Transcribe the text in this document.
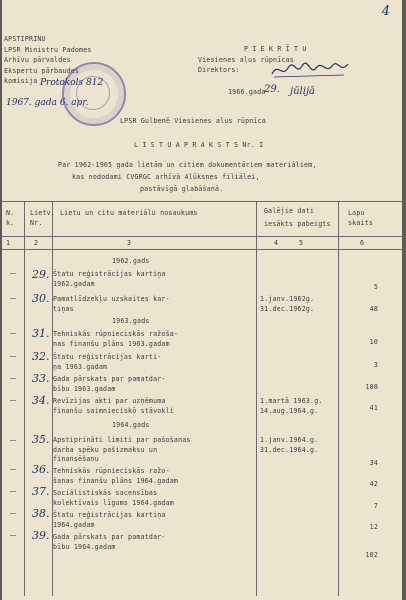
4
APSTIPRINU
LPSR Ministru Padomes
Arhīvu pārvaldes
Ekspertu pārbaudes
komisija Protokols 812
1967. gada 6. apr.
P I E K R Ī T U
Viesienes alus rūpnīcas
Direktors:
1966.gada
29. jūlijā
LPSR Gulbenē Viesienes alus rūpnīca
L I S T U A P R A K S T S Nr. I
Par 1962-1965 gada lietām un citiem dokumentāriem materiāliem,
kas nododami CVGRGC arhīvā Alūksnes filiālei,
pastāvīgā glabāšanā.
N. k.
Lietv. Nr.
Lietu un citu materiālu nosaukums	Galējie dati
iesākts pabeigts
Lapu skaits
1	2	3	4	5	6
1962.gads
29. Štatu reģistrācijas kartiņa
1962.gadam	5
30. Pamatlīdzekļu uzskaites kar-
tiņas
1.janv.1962g.
31.dec.1962g.	48
1963.gads
31. Tehniskās rūpnieciskās ražoša-
nas finanšu plāns 1963.gadam	10
32. Štatu reģistrācijas karti-
ņa 1963.gadam	3
33. Gada pārskats par pamatdar-
bību 1963.gadam	108
34. Revīzijas akti par uzņēmuma
finanšu saimnieciskō stāvokli
1.martā 1963.g.
14.aug.1964.g.	41
1964.gads
35. Apstiprināti limiti par pašošanas
darba spēku pašizmaksu un
finansēšanu
1.janv.1964.g.
31.dec.1964.g.
34
36. Tehniskās rūpnieciskās ražo-
šanas finanšu plāns 1964.gadam	42
37. Sociālistiskās sacensības
kolektīvais līgums 1964.gadam	7
38. Štatu reģistrācijas kartiņa
1964.gadam	12
39. Gada pārskats par pamatdar-
bību 1964.gadam
102
